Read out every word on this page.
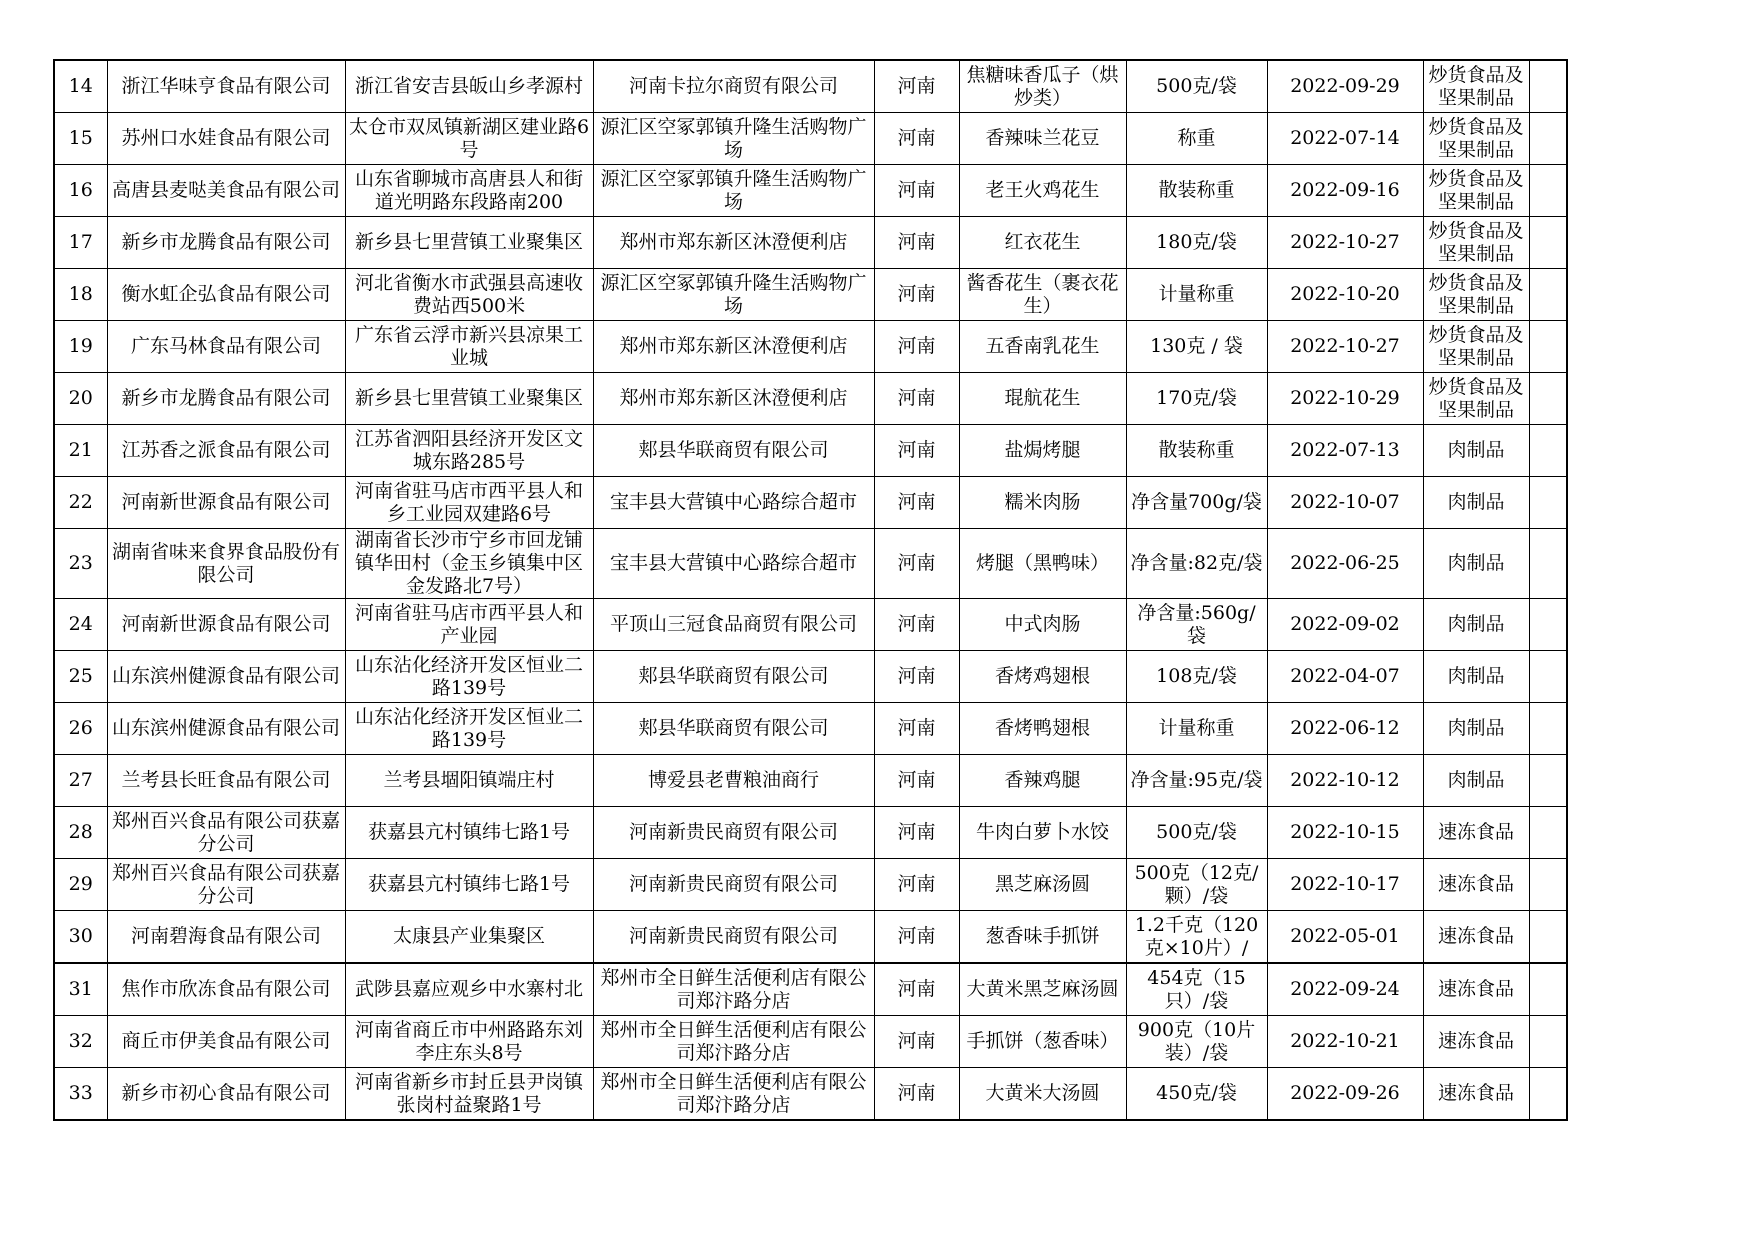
14	浙江华味亨食品有限公司	浙江省安吉县皈山乡孝源村	河南卡拉尔商贸有限公司	河南	焦糖味香瓜子（烘炒类）	500克/袋	2022-09-29	炒货食品及坚果制品	
15	苏州口水娃食品有限公司	太仓市双凤镇新湖区建业路6号	源汇区空冢郭镇升隆生活购物广场	河南	香辣味兰花豆	称重	2022-07-14	炒货食品及坚果制品	
16	高唐县麦哒美食品有限公司	山东省聊城市高唐县人和街道光明路东段路南200	源汇区空冢郭镇升隆生活购物广场	河南	老王火鸡花生	散装称重	2022-09-16	炒货食品及坚果制品	
17	新乡市龙腾食品有限公司	新乡县七里营镇工业聚集区	郑州市郑东新区沐澄便利店	河南	红衣花生	180克/袋	2022-10-27	炒货食品及坚果制品	
18	衡水虹企弘食品有限公司	河北省衡水市武强县高速收费站西500米	源汇区空冢郭镇升隆生活购物广场	河南	酱香花生（裹衣花生）	计量称重	2022-10-20	炒货食品及坚果制品	
19	广东马林食品有限公司	广东省云浮市新兴县凉果工业城	郑州市郑东新区沐澄便利店	河南	五香南乳花生	130克 / 袋	2022-10-27	炒货食品及坚果制品	
20	新乡市龙腾食品有限公司	新乡县七里营镇工业聚集区	郑州市郑东新区沐澄便利店	河南	琨航花生	170克/袋	2022-10-29	炒货食品及坚果制品	
21	江苏香之派食品有限公司	江苏省泗阳县经济开发区文城东路285号	郏县华联商贸有限公司	河南	盐焗烤腿	散装称重	2022-07-13	肉制品	
22	河南新世源食品有限公司	河南省驻马店市西平县人和乡工业园双建路6号	宝丰县大营镇中心路综合超市	河南	糯米肉肠	净含量700g/袋	2022-10-07	肉制品	
23	湖南省味来食界食品股份有限公司	湖南省长沙市宁乡市回龙铺镇华田村（金玉乡镇集中区金发路北7号）	宝丰县大营镇中心路综合超市	河南	烤腿（黑鸭味）	净含量:82克/袋	2022-06-25	肉制品	
24	河南新世源食品有限公司	河南省驻马店市西平县人和产业园	平顶山三冠食品商贸有限公司	河南	中式肉肠	净含量:560g/袋	2022-09-02	肉制品	
25	山东滨州健源食品有限公司	山东沾化经济开发区恒业二路139号	郏县华联商贸有限公司	河南	香烤鸡翅根	108克/袋	2022-04-07	肉制品	
26	山东滨州健源食品有限公司	山东沾化经济开发区恒业二路139号	郏县华联商贸有限公司	河南	香烤鸭翅根	计量称重	2022-06-12	肉制品	
27	兰考县长旺食品有限公司	兰考县堌阳镇端庄村	博爱县老曹粮油商行	河南	香辣鸡腿	净含量:95克/袋	2022-10-12	肉制品	
28	郑州百兴食品有限公司获嘉分公司	获嘉县亢村镇纬七路1号	河南新贵民商贸有限公司	河南	牛肉白萝卜水饺	500克/袋	2022-10-15	速冻食品	
29	郑州百兴食品有限公司获嘉分公司	获嘉县亢村镇纬七路1号	河南新贵民商贸有限公司	河南	黑芝麻汤圆	500克（12克/颗）/袋	2022-10-17	速冻食品	
30	河南碧海食品有限公司	太康县产业集聚区	河南新贵民商贸有限公司	河南	葱香味手抓饼	1.2千克（120克×10片）/	2022-05-01	速冻食品	
31	焦作市欣冻食品有限公司	武陟县嘉应观乡中水寨村北	郑州市全日鲜生活便利店有限公司郑汴路分店	河南	大黄米黑芝麻汤圆	454克（15只）/袋	2022-09-24	速冻食品	
32	商丘市伊美食品有限公司	河南省商丘市中州路路东刘李庄东头8号	郑州市全日鲜生活便利店有限公司郑汴路分店	河南	手抓饼（葱香味）	900克（10片装）/袋	2022-10-21	速冻食品	
33	新乡市初心食品有限公司	河南省新乡市封丘县尹岗镇张岗村益聚路1号	郑州市全日鲜生活便利店有限公司郑汴路分店	河南	大黄米大汤圆	450克/袋	2022-09-26	速冻食品	
